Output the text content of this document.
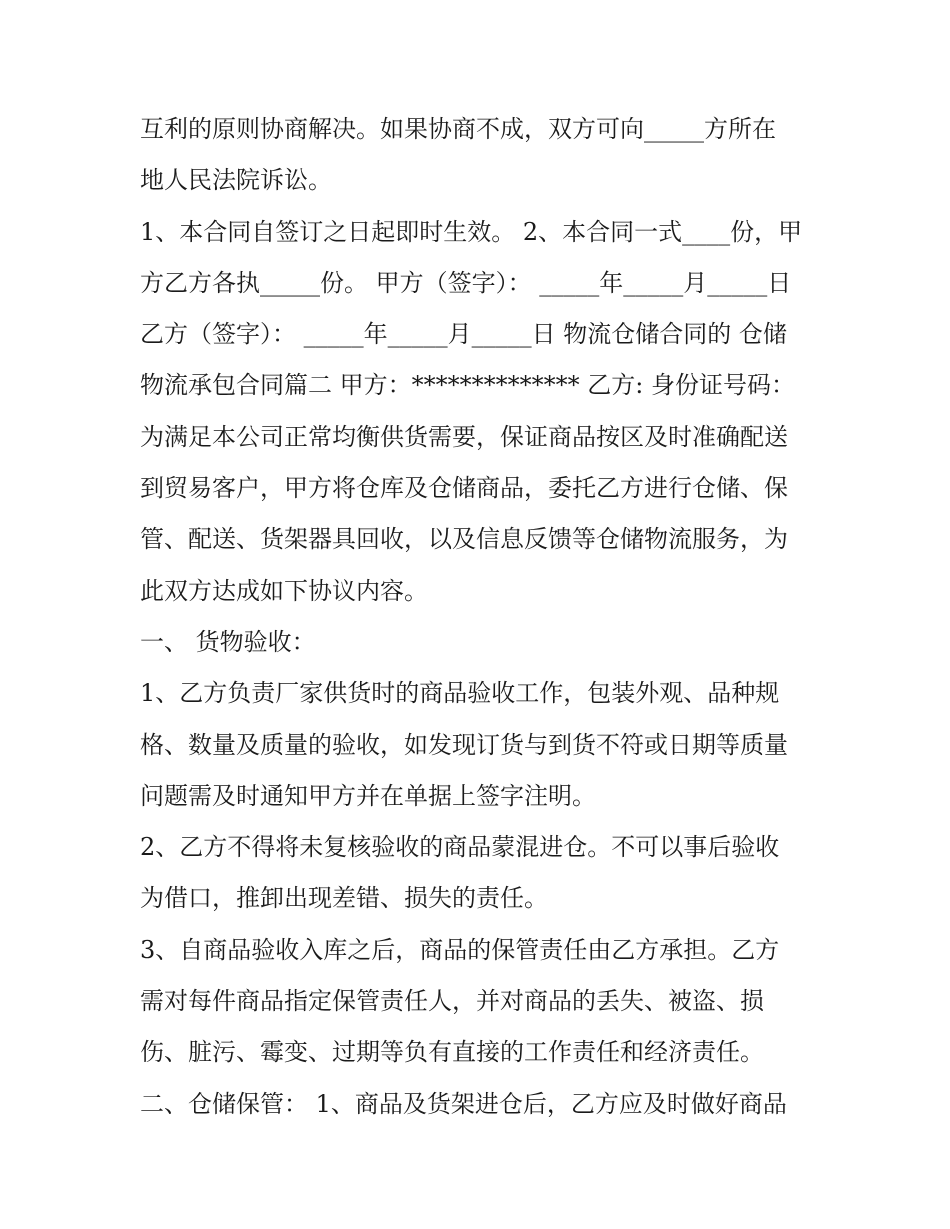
互利的原则协商解决。如果协商不成，双方可向_____方所在
地人民法院诉讼。
1、本合同自签订之日起即时生效。 2、本合同一式____份，甲
方乙方各执_____份。 甲方（签字）： _____年_____月_____日
乙方（签字）： _____年_____月_____日 物流仓储合同的 仓储
物流承包合同篇二 甲方：************** 乙方: 身份证号码：
为满足本公司正常均衡供货需要，保证商品按区及时准确配送
到贸易客户，甲方将仓库及仓储商品，委托乙方进行仓储、保
管、配送、货架器具回收，以及信息反馈等仓储物流服务，为
此双方达成如下协议内容。
一、 货物验收：
1、乙方负责厂家供货时的商品验收工作，包装外观、品种规
格、数量及质量的验收，如发现订货与到货不符或日期等质量
问题需及时通知甲方并在单据上签字注明。
2、乙方不得将未复核验收的商品蒙混进仓。不可以事后验收
为借口，推卸出现差错、损失的责任。
3、自商品验收入库之后，商品的保管责任由乙方承担。乙方
需对每件商品指定保管责任人，并对商品的丢失、被盗、损
伤、脏污、霉变、过期等负有直接的工作责任和经济责任。
二、仓储保管： 1、商品及货架进仓后，乙方应及时做好商品
